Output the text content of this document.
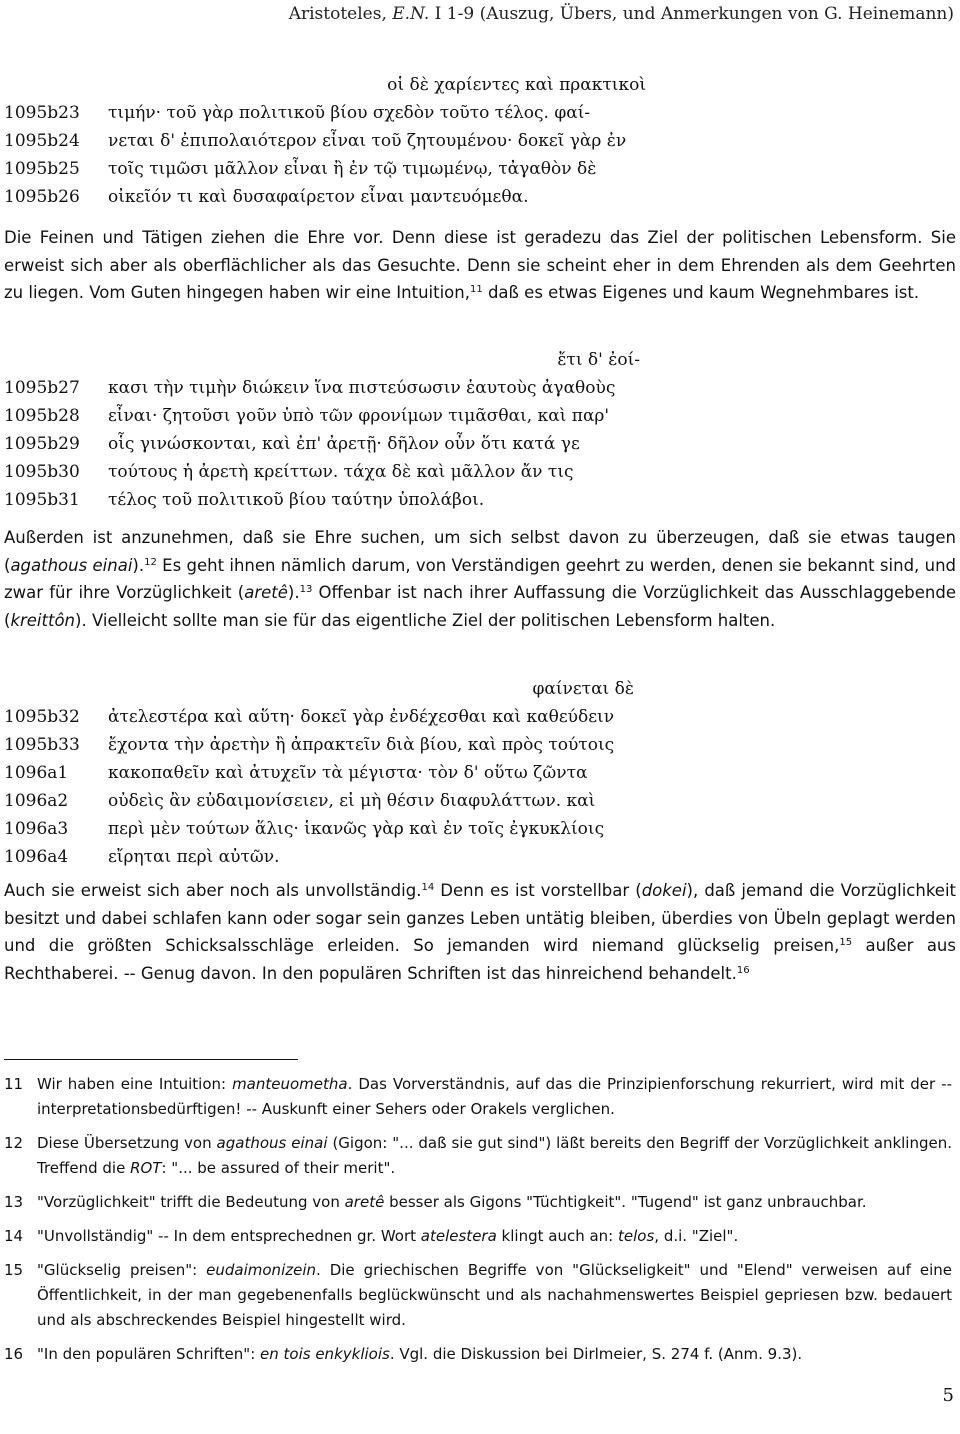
Aristoteles, E.N. I 1-9 (Auszug, Übers, und Anmerkungen von G. Heinemann)
οἱ δὲ χαρίεντες καὶ πρακτικοὶ
1095b23	τιμήν· τοῦ γὰρ πολιτικοῦ βίου σχεδὸν τοῦτο τέλος. φαί-
1095b24	νεται δ' ἐπιπολαιότερον εἶναι τοῦ ζητουμένου· δοκεῖ γὰρ ἐν
1095b25	τοῖς τιμῶσι μᾶλλον εἶναι ἢ ἐν τῷ τιμωμένῳ, τἀγαθὸν δὲ
1095b26	οἰκεῖόν τι καὶ δυσαφαίρετον εἶναι μαντευόμεθα.

Die Feinen und Tätigen ziehen die Ehre vor. Denn diese ist geradezu das Ziel der politischen Lebensform. Sie erweist sich aber als oberflächlicher als das Gesuchte. Denn sie scheint eher in dem Ehrenden als dem Geehrten zu liegen. Vom Guten hingegen haben wir eine Intuition,$^{11}$ daß es etwas Eigenes und kaum Wegnehmbares ist.

ἔτι δ' ἐοί-
1095b27	κασι τὴν τιμὴν διώκειν ἵνα πιστεύσωσιν ἑαυτοὺς ἀγαθοὺς
1095b28	εἶναι· ζητοῦσι γοῦν ὑπὸ τῶν φρονίμων τιμᾶσθαι, καὶ παρ'
1095b29	οἷς γινώσκονται, καὶ ἐπ' ἀρετῇ· δῆλον οὖν ὅτι κατά γε
1095b30	τούτους ἡ ἀρετὴ κρείττων. τάχα δὲ καὶ μᾶλλον ἄν τις
1095b31	τέλος τοῦ πολιτικοῦ βίου ταύτην ὑπολάβοι.

Außerden ist anzunehmen, daß sie Ehre suchen, um sich selbst davon zu überzeugen, daß sie etwas taugen (agathous einai).$^{12}$ Es geht ihnen nämlich darum, von Verständigen geehrt zu werden, denen sie bekannt sind, und zwar für ihre Vorzüglichkeit (aretê).$^{13}$ Offenbar ist nach ihrer Auffassung die Vorzüglichkeit das Ausschlaggebende (kreittôn). Vielleicht sollte man sie für das eigentliche Ziel der politischen Lebensform halten.

φαίνεται δὲ
1095b32	ἀτελεστέρα καὶ αὕτη· δοκεῖ γὰρ ἐνδέχεσθαι καὶ καθεύδειν
1095b33	ἔχοντα τὴν ἀρετὴν ἢ ἀπρακτεῖν διὰ βίου, καὶ πρὸς τούτοις
1096a1	κακοπαθεῖν καὶ ἀτυχεῖν τὰ μέγιστα· τὸν δ' οὕτω ζῶντα
1096a2	οὐδεὶς ἂν εὐδαιμονίσειεν, εἰ μὴ θέσιν διαφυλάττων. καὶ
1096a3	περὶ μὲν τούτων ἅλις· ἱκανῶς γὰρ καὶ ἐν τοῖς ἐγκυκλίοις
1096a4	εἴρηται περὶ αὐτῶν.

Auch sie erweist sich aber noch als unvollständig.$^{14}$ Denn es ist vorstellbar (dokei), daß jemand die Vorzüglichkeit besitzt und dabei schlafen kann oder sogar sein ganzes Leben untätig bleiben, überdies von Übeln geplagt werden und die größten Schicksalsschläge erleiden. So jemanden wird niemand glückselig preisen,$^{15}$ außer aus Rechthaberei. -- Genug davon. In den populären Schriften ist das hinreichend behandelt.$^{16}$

11 Wir haben eine Intuition: manteuometha. Das Vorverständnis, auf das die Prinzipienforschung rekurriert, wird mit der -- interpretationsbedürftigen! -- Auskunft einer Sehers oder Orakels verglichen.
12 Diese Übersetzung von agathous einai (Gigon: "... daß sie gut sind") läßt bereits den Begriff der Vorzüglichkeit anklingen. Treffend die ROT: "... be assured of their merit".
13 "Vorzüglichkeit" trifft die Bedeutung von aretê besser als Gigons "Tüchtigkeit". "Tugend" ist ganz unbrauchbar.
14 "Unvollständig" -- In dem entsprechednen gr. Wort atelestera klingt auch an: telos, d.i. "Ziel".
15 "Glückselig preisen": eudaimonizein. Die griechischen Begriffe von "Glückseligkeit" und "Elend" verweisen auf eine Öffentlichkeit, in der man gegebenenfalls beglückwünscht und als nachahmenswertes Beispiel gepriesen bzw. bedauert und als abschreckendes Beispiel hingestellt wird.
16 "In den populären Schriften": en tois enkykliois. Vgl. die Diskussion bei Dirlmeier, S. 274 f. (Anm. 9.3).
5
